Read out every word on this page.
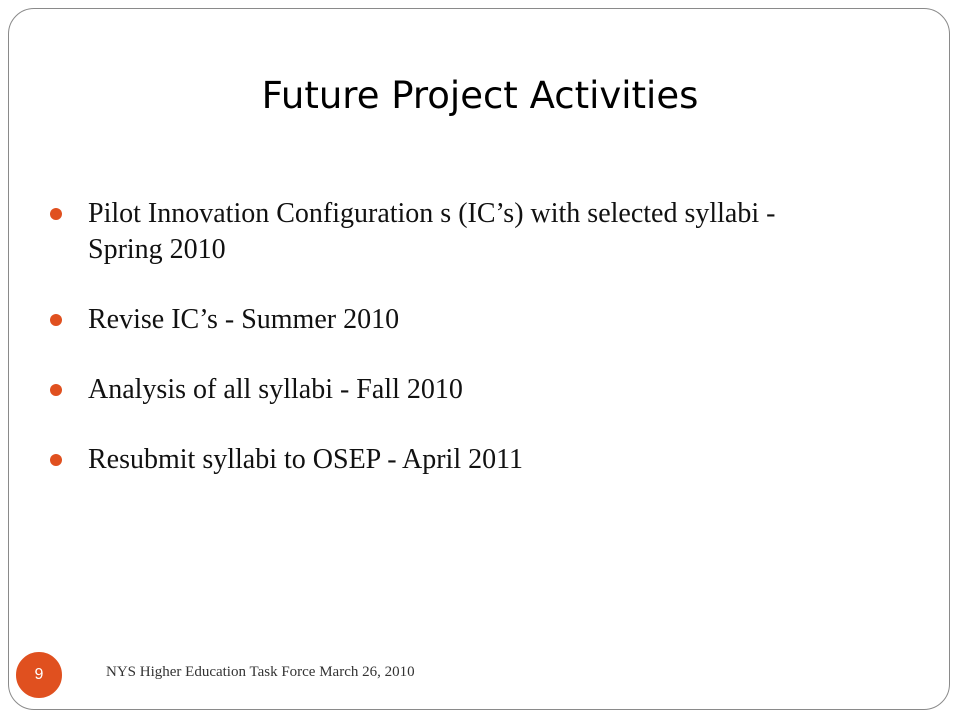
Future Project Activities
Pilot Innovation Configuration s (IC’s) with selected syllabi - Spring 2010
Revise IC’s - Summer 2010
Analysis of all syllabi - Fall 2010
Resubmit syllabi to OSEP - April 2011
9	NYS Higher Education Task Force March 26, 2010
